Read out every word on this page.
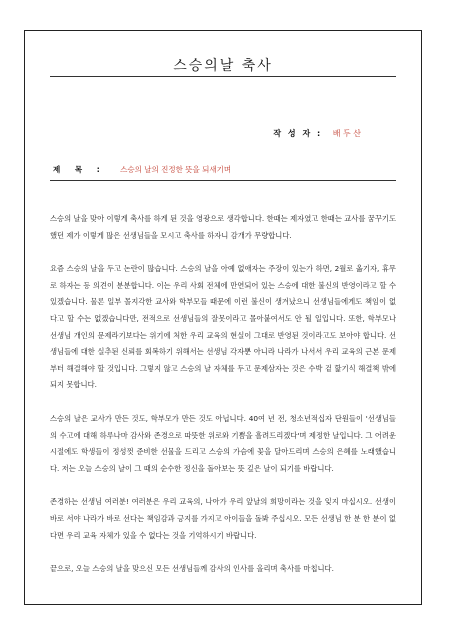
스승의날 축사
작 성 자 : 배 두 산
제 목 : 스승의 날의 진정한 뜻을 되새기며

스승의 날을 맞아 이렇게 축사를 하게 된 것을 영광으로 생각합니다. 한때는 제자였고 한때는 교사를 꿈꾸기도 했던 제가 이렇게 많은 선생님들을 모시고 축사를 하자니 감개가 무량합니다.

요즘 스승의 날을 두고 논란이 많습니다. 스승의 날을 아예 없애자는 주장이 있는가 하면, 2월로 옮기자, 휴무로 하자는 등 의견이 분분합니다. 이는 우리 사회 전체에 만연되어 있는 스승에 대한 불신의 반영이라고 할 수 있겠습니다. 물론 일부 몰지각한 교사와 학부모들 때문에 이런 불신이 생겨났으니 선생님들에게도 책임이 없다고 할 수는 없겠습니다만, 전적으로 선생님들의 잘못이라고 몰아붙여서도 안 될 일입니다. 또한, 학부모나 선생님 개인의 문제라기보다는 위기에 처한 우리 교육의 현실이 그대로 반영된 것이라고도 보아야 합니다. 선생님들에 대한 실추된 신뢰를 회복하기 위해서는 선생님 각자뿐 아니라 나라가 나서서 우리 교육의 근본 문제부터 해결해야 할 것입니다. 그렇지 않고 스승의 날 자체를 두고 문제삼자는 것은 수박 겉 핥기식 해결책 밖에 되지 못합니다.

스승의 날은 교사가 만든 것도, 학부모가 만든 것도 아닙니다. 40여 년 전, 청소년적십자 단원들이 '선생님들의 수고에 대해 하루나마 감사와 존경으로 따뜻한 위로와 기쁨을 흘려드리겠다'며 제정한 날입니다. 그 어려운 시절에도 학생들이 정성껏 준비한 선물을 드리고 스승의 가슴에 꽃을 달아드리며 스승의 은혜를 노래했습니다. 저는 오늘 스승의 날이 그 때의 순수한 정신을 돌아보는 뜻 깊은 날이 되기를 바랍니다.

존경하는 선생님 여러분! 여러분은 우리 교육의, 나아가 우리 앞날의 희망이라는 것을 잊지 마십시오. 선생이 바로 서야 나라가 바로 선다는 책임감과 긍지를 가지고 아이들을 돌봐 주십시오. 모든 선생님 한 분 한 분이 없다면 우리 교육 자체가 있을 수 없다는 것을 기억하시기 바랍니다.

끝으로, 오늘 스승의 날을 맞으신 모든 선생님들께 감사의 인사를 올리며 축사를 마칩니다.
